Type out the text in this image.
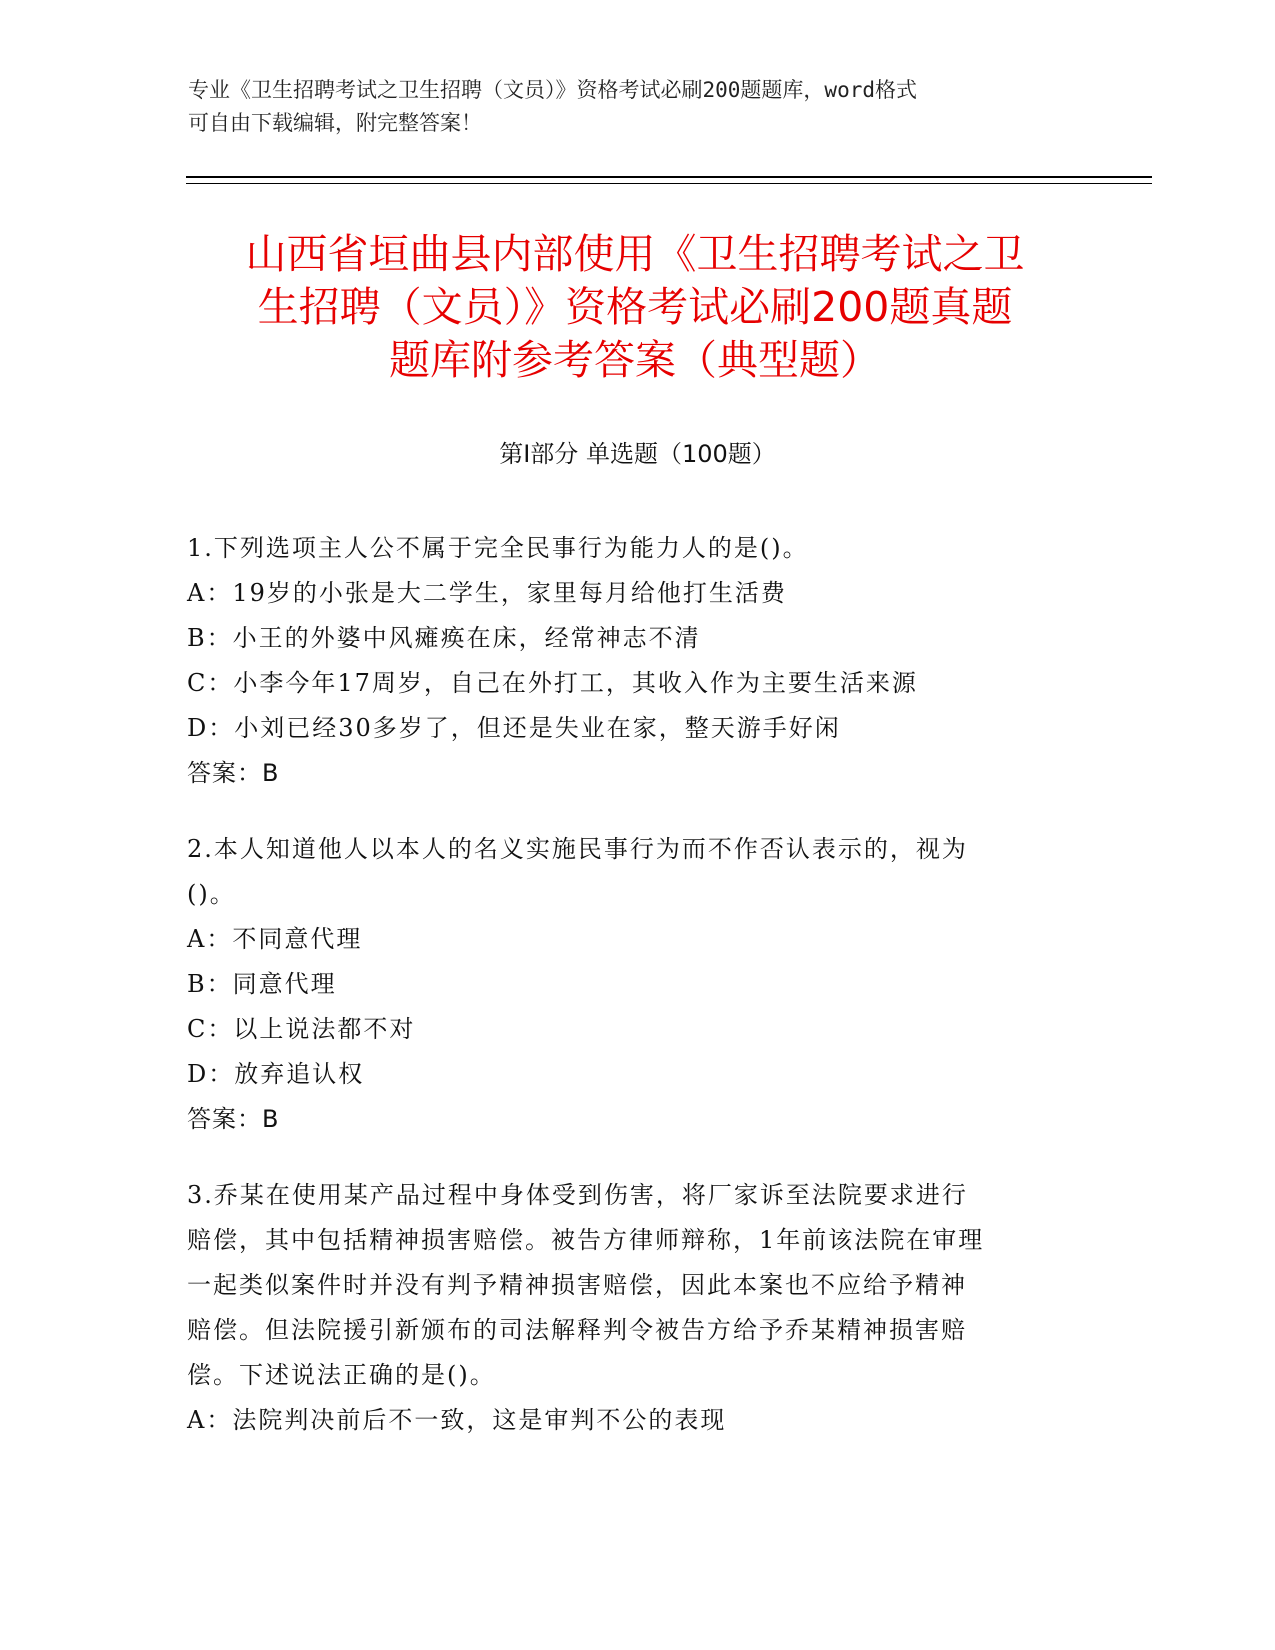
专业《卫生招聘考试之卫生招聘（文员）》资格考试必刷200题题库，word格式
可自由下载编辑，附完整答案！
山西省垣曲县内部使用《卫生招聘考试之卫
生招聘（文员）》资格考试必刷200题真题
题库附参考答案（典型题）
第Ⅰ部分 单选题（100题）
1.下列选项主人公不属于完全民事行为能力人的是()。
A：19岁的小张是大二学生，家里每月给他打生活费
B：小王的外婆中风瘫痪在床，经常神志不清
C：小李今年17周岁，自己在外打工，其收入作为主要生活来源
D：小刘已经30多岁了，但还是失业在家，整天游手好闲
答案：B
2.本人知道他人以本人的名义实施民事行为而不作否认表示的，视为
()。
A：不同意代理
B：同意代理
C：以上说法都不对
D：放弃追认权
答案：B
3.乔某在使用某产品过程中身体受到伤害，将厂家诉至法院要求进行
赔偿，其中包括精神损害赔偿。被告方律师辩称，1年前该法院在审理
一起类似案件时并没有判予精神损害赔偿，因此本案也不应给予精神
赔偿。但法院援引新颁布的司法解释判令被告方给予乔某精神损害赔
偿。下述说法正确的是()。
A：法院判决前后不一致，这是审判不公的表现
